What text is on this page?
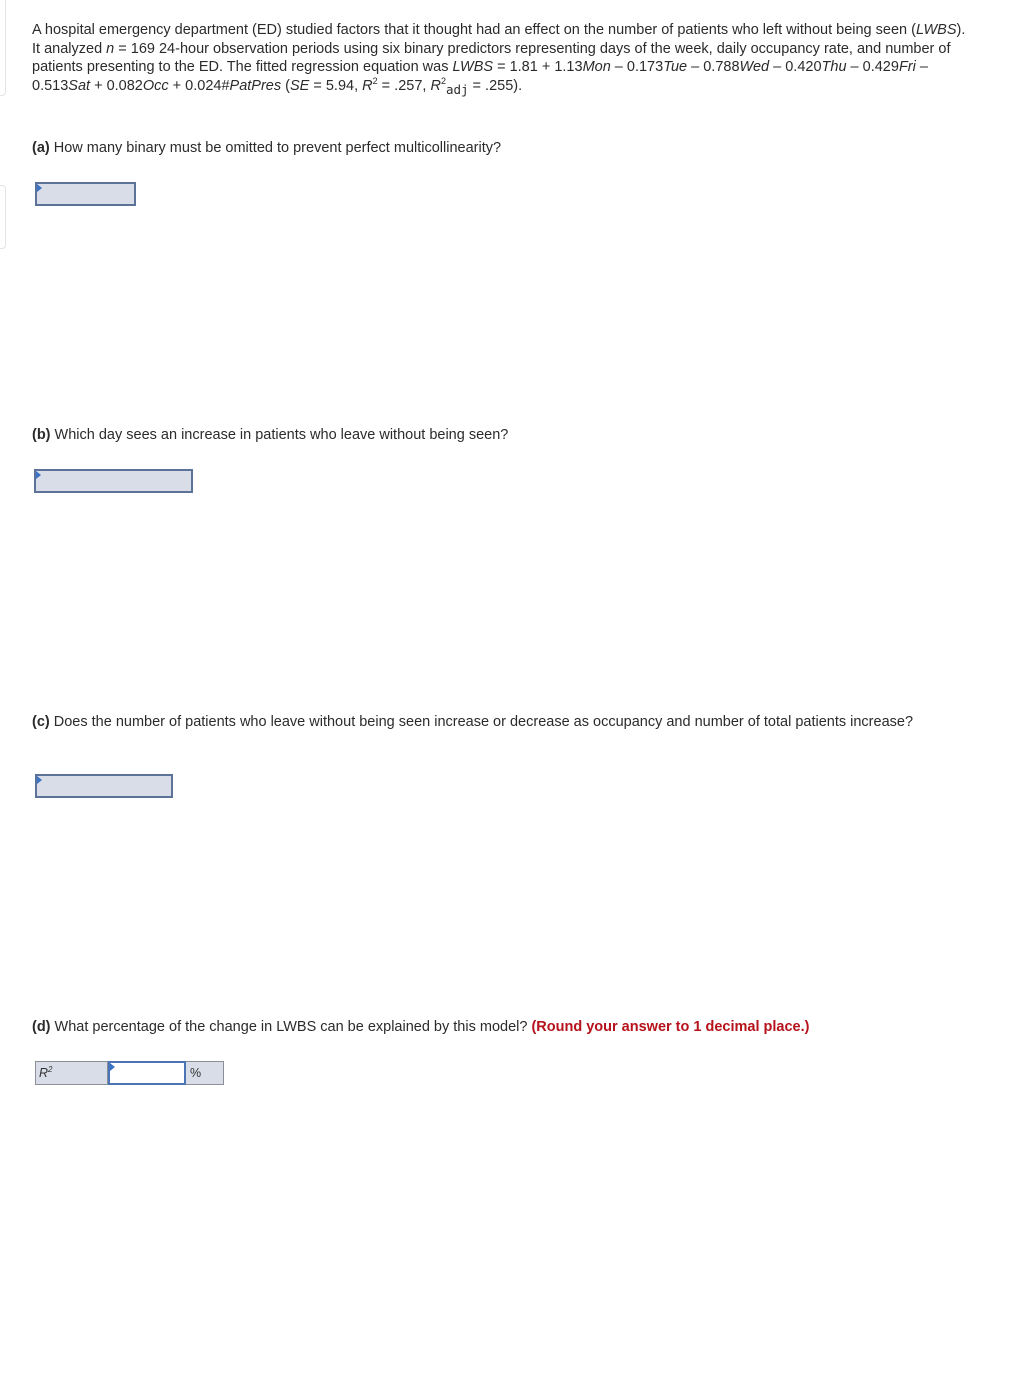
A hospital emergency department (ED) studied factors that it thought had an effect on the number of patients who left without being seen (LWBS). It analyzed n = 169 24-hour observation periods using six binary predictors representing days of the week, daily occupancy rate, and number of patients presenting to the ED. The fitted regression equation was LWBS = 1.81 + 1.13Mon – 0.173Tue – 0.788Wed – 0.420Thu – 0.429Fri – 0.513Sat + 0.082Occ + 0.024#PatPres (SE = 5.94, $R^2 = .257$, $R^2adj = .255$).
(a) How many binary must be omitted to prevent perfect multicollinearity?
(b) Which day sees an increase in patients who leave without being seen?
(c) Does the number of patients who leave without being seen increase or decrease as occupancy and number of total patients increase?
(d) What percentage of the change in LWBS can be explained by this model? (Round your answer to 1 decimal place.)
$R^2$	%
